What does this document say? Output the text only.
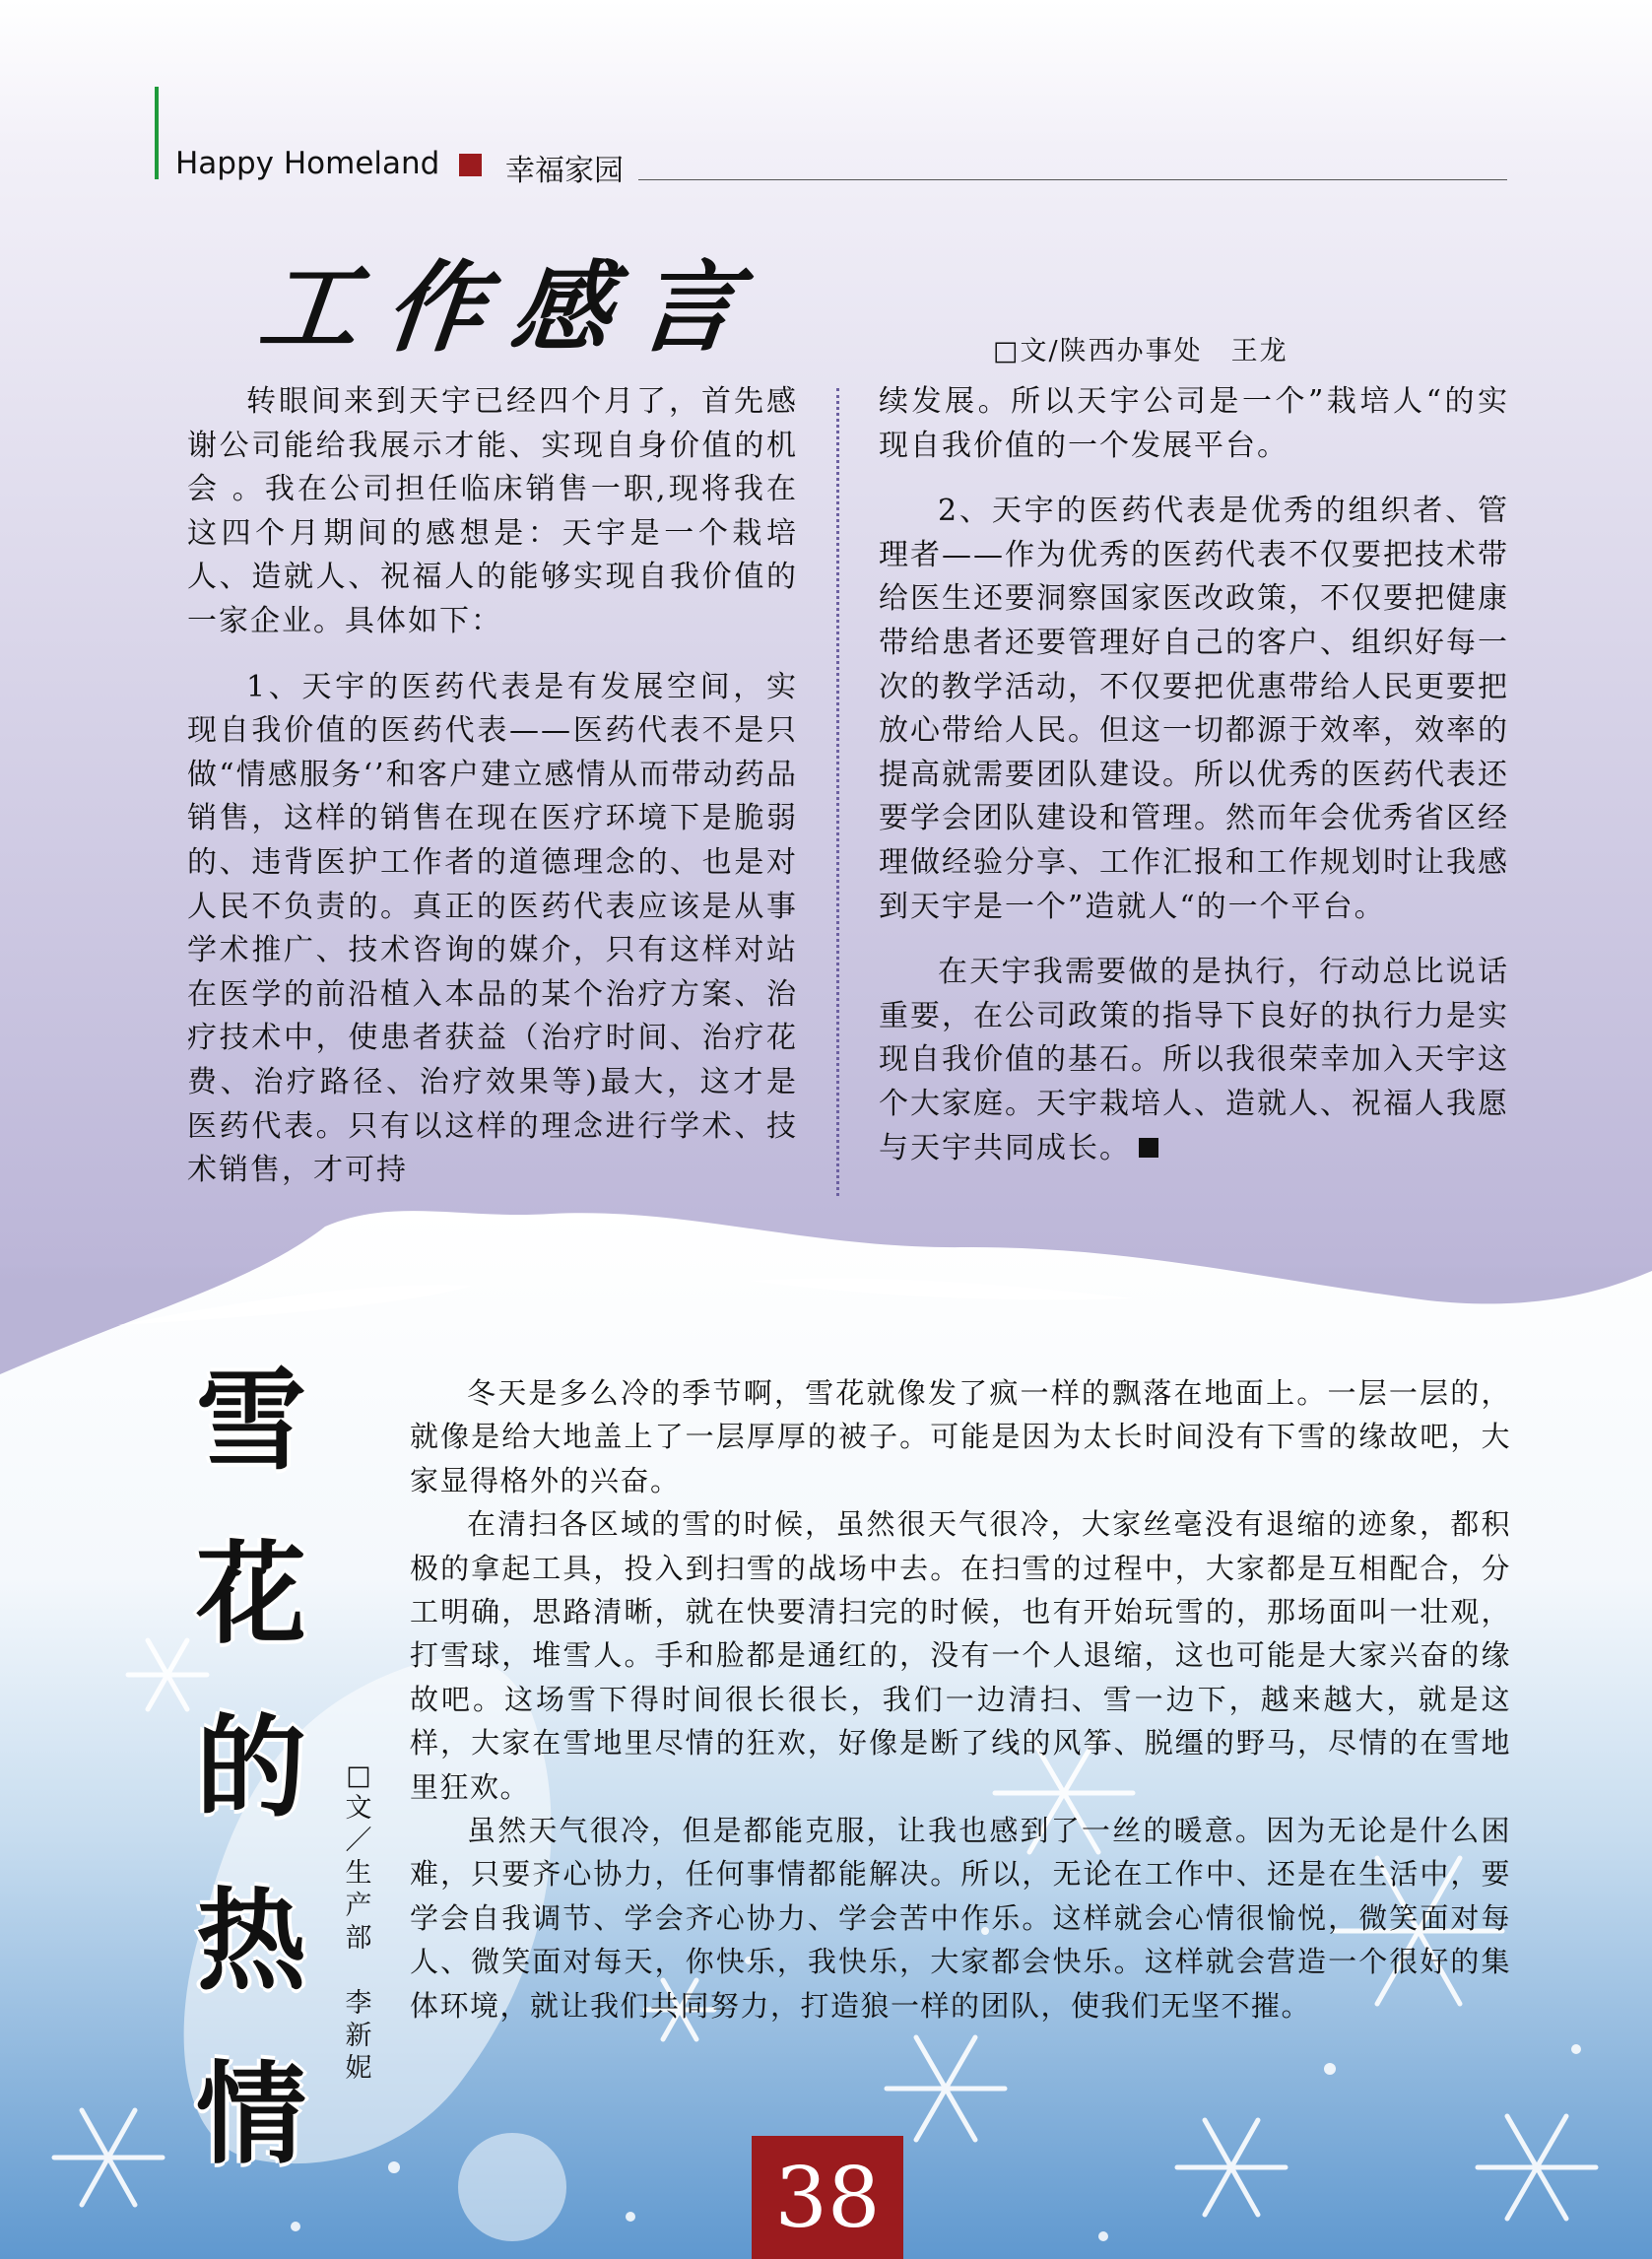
Happy Homeland 幸福家园
工作感言	□文/陕西办事处　王龙

转眼间来到天宇已经四个月了，首先感谢公司能给我展示才能、实现自身价值的机会 。我在公司担任临床销售一职,现将我在这四个月期间的感想是：天宇是一个栽培人、造就人、祝福人的能够实现自我价值的一家企业。具体如下：

1、天宇的医药代表是有发展空间，实现自我价值的医药代表——医药代表不是只做“情感服务‘’和客户建立感情从而带动药品销售，这样的销售在现在医疗环境下是脆弱的、违背医护工作者的道德理念的、也是对人民不负责的。真正的医药代表应该是从事学术推广、技术咨询的媒介，只有这样对站在医学的前沿植入本品的某个治疗方案、治疗技术中，使患者获益（治疗时间、治疗花费、治疗路径、治疗效果等)最大，这才是医药代表。只有以这样的理念进行学术、技术销售，才可持

续发展。所以天宇公司是一个”栽培人“的实现自我价值的一个发展平台。

2、天宇的医药代表是优秀的组织者、管理者——作为优秀的医药代表不仅要把技术带给医生还要洞察国家医改政策，不仅要把健康带给患者还要管理好自己的客户、组织好每一次的教学活动，不仅要把优惠带给人民更要把放心带给人民。但这一切都源于效率，效率的提高就需要团队建设。所以优秀的医药代表还要学会团队建设和管理。然而年会优秀省区经理做经验分享、工作汇报和工作规划时让我感到天宇是一个”造就人“的一个平台。

在天宇我需要做的是执行，行动总比说话重要，在公司政策的指导下良好的执行力是实现自我价值的基石。所以我很荣幸加入天宇这个大家庭。天宇栽培人、造就人、祝福人我愿与天宇共同成长。

雪
花
的
热
情
□
文
／
生
产
部

李
新
妮

冬天是多么冷的季节啊，雪花就像发了疯一样的飘落在地面上。一层一层的，就像是给大地盖上了一层厚厚的被子。可能是因为太长时间没有下雪的缘故吧，大家显得格外的兴奋。

在清扫各区域的雪的时候，虽然很天气很冷，大家丝毫没有退缩的迹象，都积极的拿起工具，投入到扫雪的战场中去。在扫雪的过程中，大家都是互相配合，分工明确，思路清晰，就在快要清扫完的时候，也有开始玩雪的，那场面叫一壮观，打雪球，堆雪人。手和脸都是通红的，没有一个人退缩，这也可能是大家兴奋的缘故吧。这场雪下得时间很长很长，我们一边清扫、雪一边下，越来越大，就是这样，大家在雪地里尽情的狂欢，好像是断了线的风筝、脱缰的野马，尽情的在雪地里狂欢。

虽然天气很冷，但是都能克服，让我也感到了一丝的暖意。因为无论是什么困难，只要齐心协力，任何事情都能解决。所以，无论在工作中、还是在生活中，要学会自我调节、学会齐心协力、学会苦中作乐。这样就会心情很愉悦，微笑面对每人、微笑面对每天，你快乐，我快乐，大家都会快乐。这样就会营造一个很好的集体环境，就让我们共同努力，打造狼一样的团队，使我们无坚不摧。

38
